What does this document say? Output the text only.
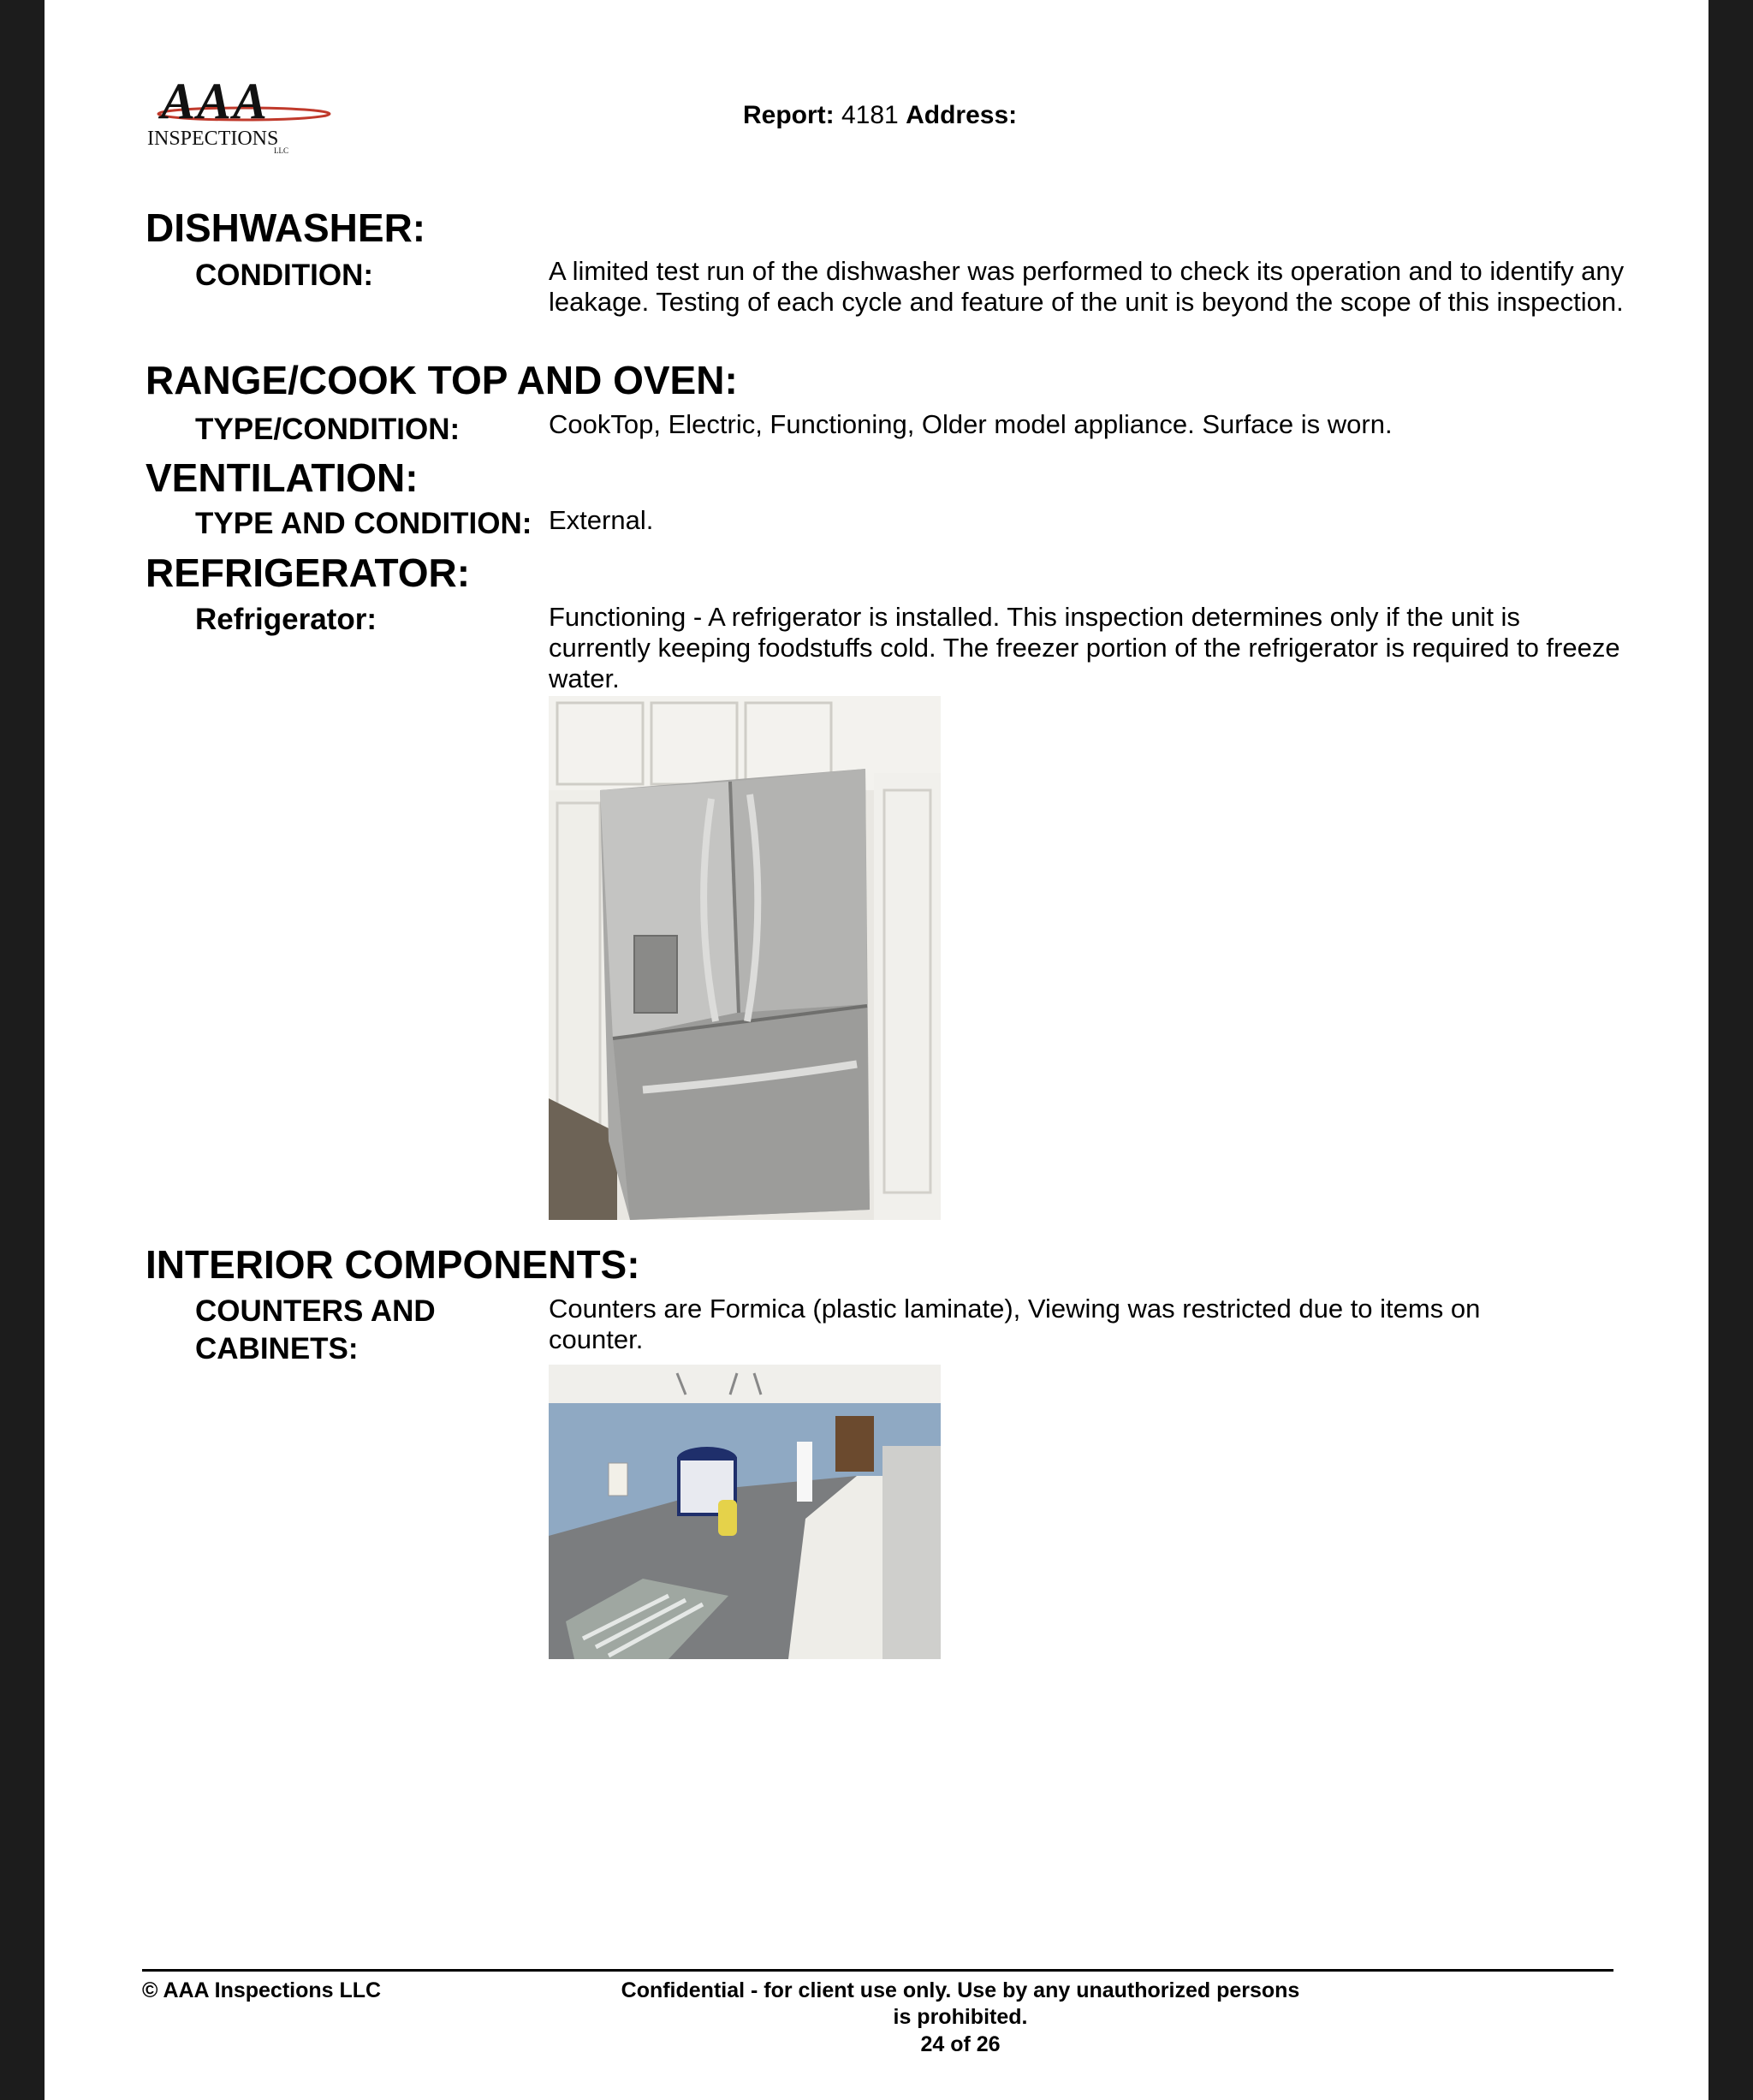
AAA
INSPECTIONS
LLC
Report: 4181 Address:
DISHWASHER:
CONDITION:	A limited test run of the dishwasher was performed to check its operation and to identify any leakage. Testing of each cycle and feature of the unit is beyond the scope of this inspection.
RANGE/COOK TOP AND OVEN:
TYPE/CONDITION:	CookTop, Electric, Functioning, Older model appliance. Surface is worn.
VENTILATION:
TYPE AND CONDITION: External.
REFRIGERATOR:
Refrigerator:	Functioning - A refrigerator is installed. This inspection determines only if the unit is currently keeping foodstuffs cold. The freezer portion of the refrigerator is required to freeze water.
INTERIOR COMPONENTS:
COUNTERS AND CABINETS:
Counters are Formica (plastic laminate), Viewing was restricted due to items on counter.
© AAA Inspections LLC	Confidential - for client use only. Use by any unauthorized persons is prohibited.
24 of 26
